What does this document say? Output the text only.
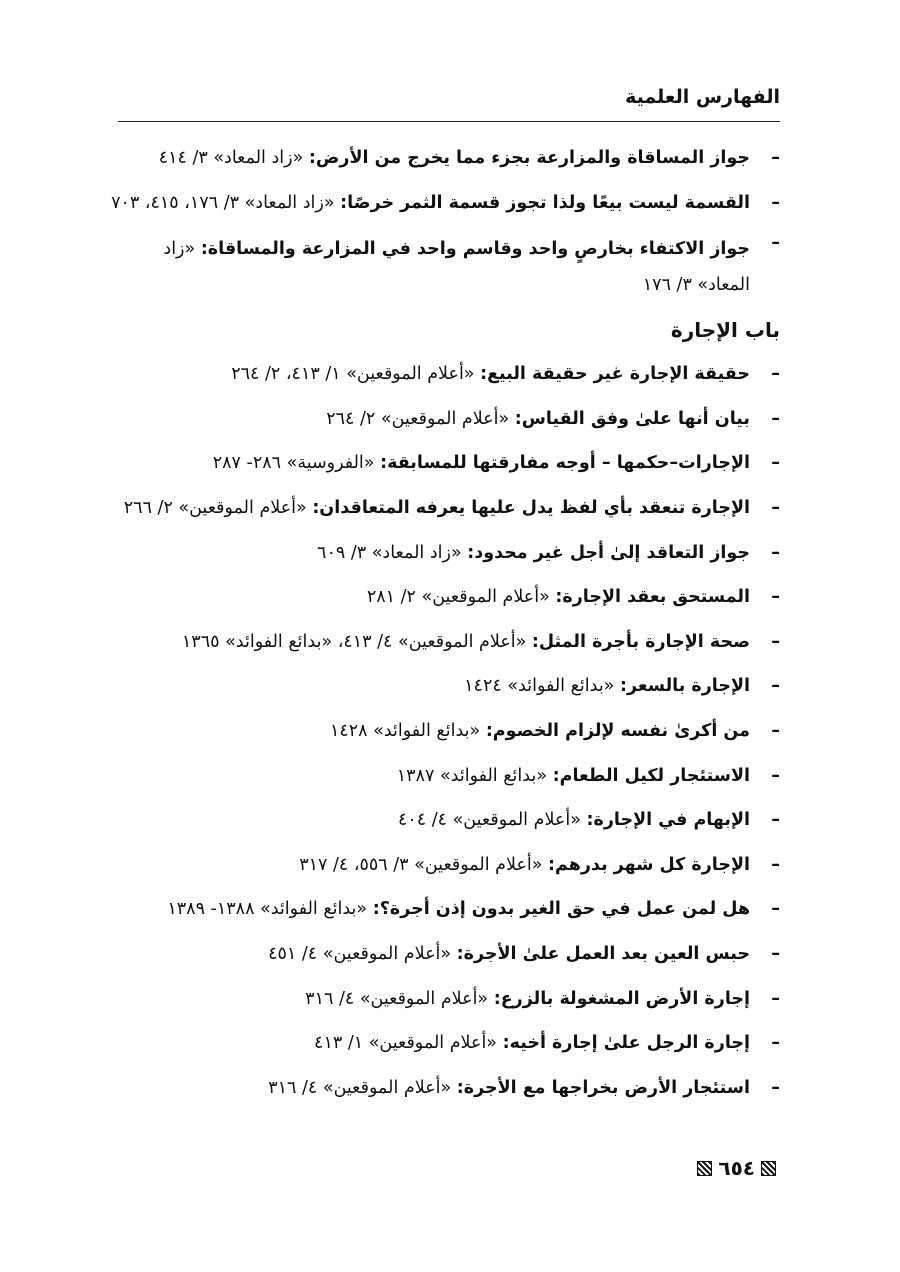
الفهارس العلمية
–
جواز المساقاة والمزارعة بجزء مما يخرج من الأرض: «زاد المعاد» ٣/ ٤١٤
–
القسمة ليست بيعًا ولذا تجوز قسمة الثمر خرصًا: «زاد المعاد» ٣/ ١٧٦، ٤١٥، ٧٠٣
–
جواز الاكتفاء بخارصٍ واحد وقاسم واحد في المزارعة والمساقاة: «زاد المعاد» ٣/ ١٧٦
باب الإجارة
–
حقيقة الإجارة غير حقيقة البيع: «أعلام الموقعين» ١/ ٤١٣، ٢/ ٢٦٤
–
بيان أنها علىٰ وفق القياس: «أعلام الموقعين» ٢/ ٢٦٤
–
الإجارات–حكمها – أوجه مفارقتها للمسابقة: «الفروسية» ٢٨٦- ٢٨٧
–
الإجارة تنعقد بأي لفظ يدل عليها يعرفه المتعاقدان: «أعلام الموقعين» ٢/ ٢٦٦
–
جواز التعاقد إلىٰ أجل غير محدود: «زاد المعاد» ٣/ ٦٠٩
–
المستحق بعقد الإجارة: «أعلام الموقعين» ٢/ ٢٨١
–
صحة الإجارة بأجرة المثل: «أعلام الموقعين» ٤/ ٤١٣، «بدائع الفوائد» ١٣٦٥
–
الإجارة بالسعر: «بدائع الفوائد» ١٤٢٤
–
من أكرىٰ نفسه لإلزام الخصوم: «بدائع الفوائد» ١٤٢٨
–
الاستئجار لكيل الطعام: «بدائع الفوائد» ١٣٨٧
–
الإبهام في الإجارة: «أعلام الموقعين» ٤/ ٤٠٤
–
الإجارة كل شهر بدرهم: «أعلام الموقعين» ٣/ ٥٥٦، ٤/ ٣١٧
–
هل لمن عمل في حق الغير بدون إذن أجرة؟: «بدائع الفوائد» ١٣٨٨- ١٣٨٩
–
حبس العين بعد العمل علىٰ الأجرة: «أعلام الموقعين» ٤/ ٤٥١
–
إجارة الأرض المشغولة بالزرع: «أعلام الموقعين» ٤/ ٣١٦
–
إجارة الرجل علىٰ إجارة أخيه: «أعلام الموقعين» ١/ ٤١٣
–
استئجار الأرض بخراجها مع الأجرة: «أعلام الموقعين» ٤/ ٣١٦
٦٥٤
